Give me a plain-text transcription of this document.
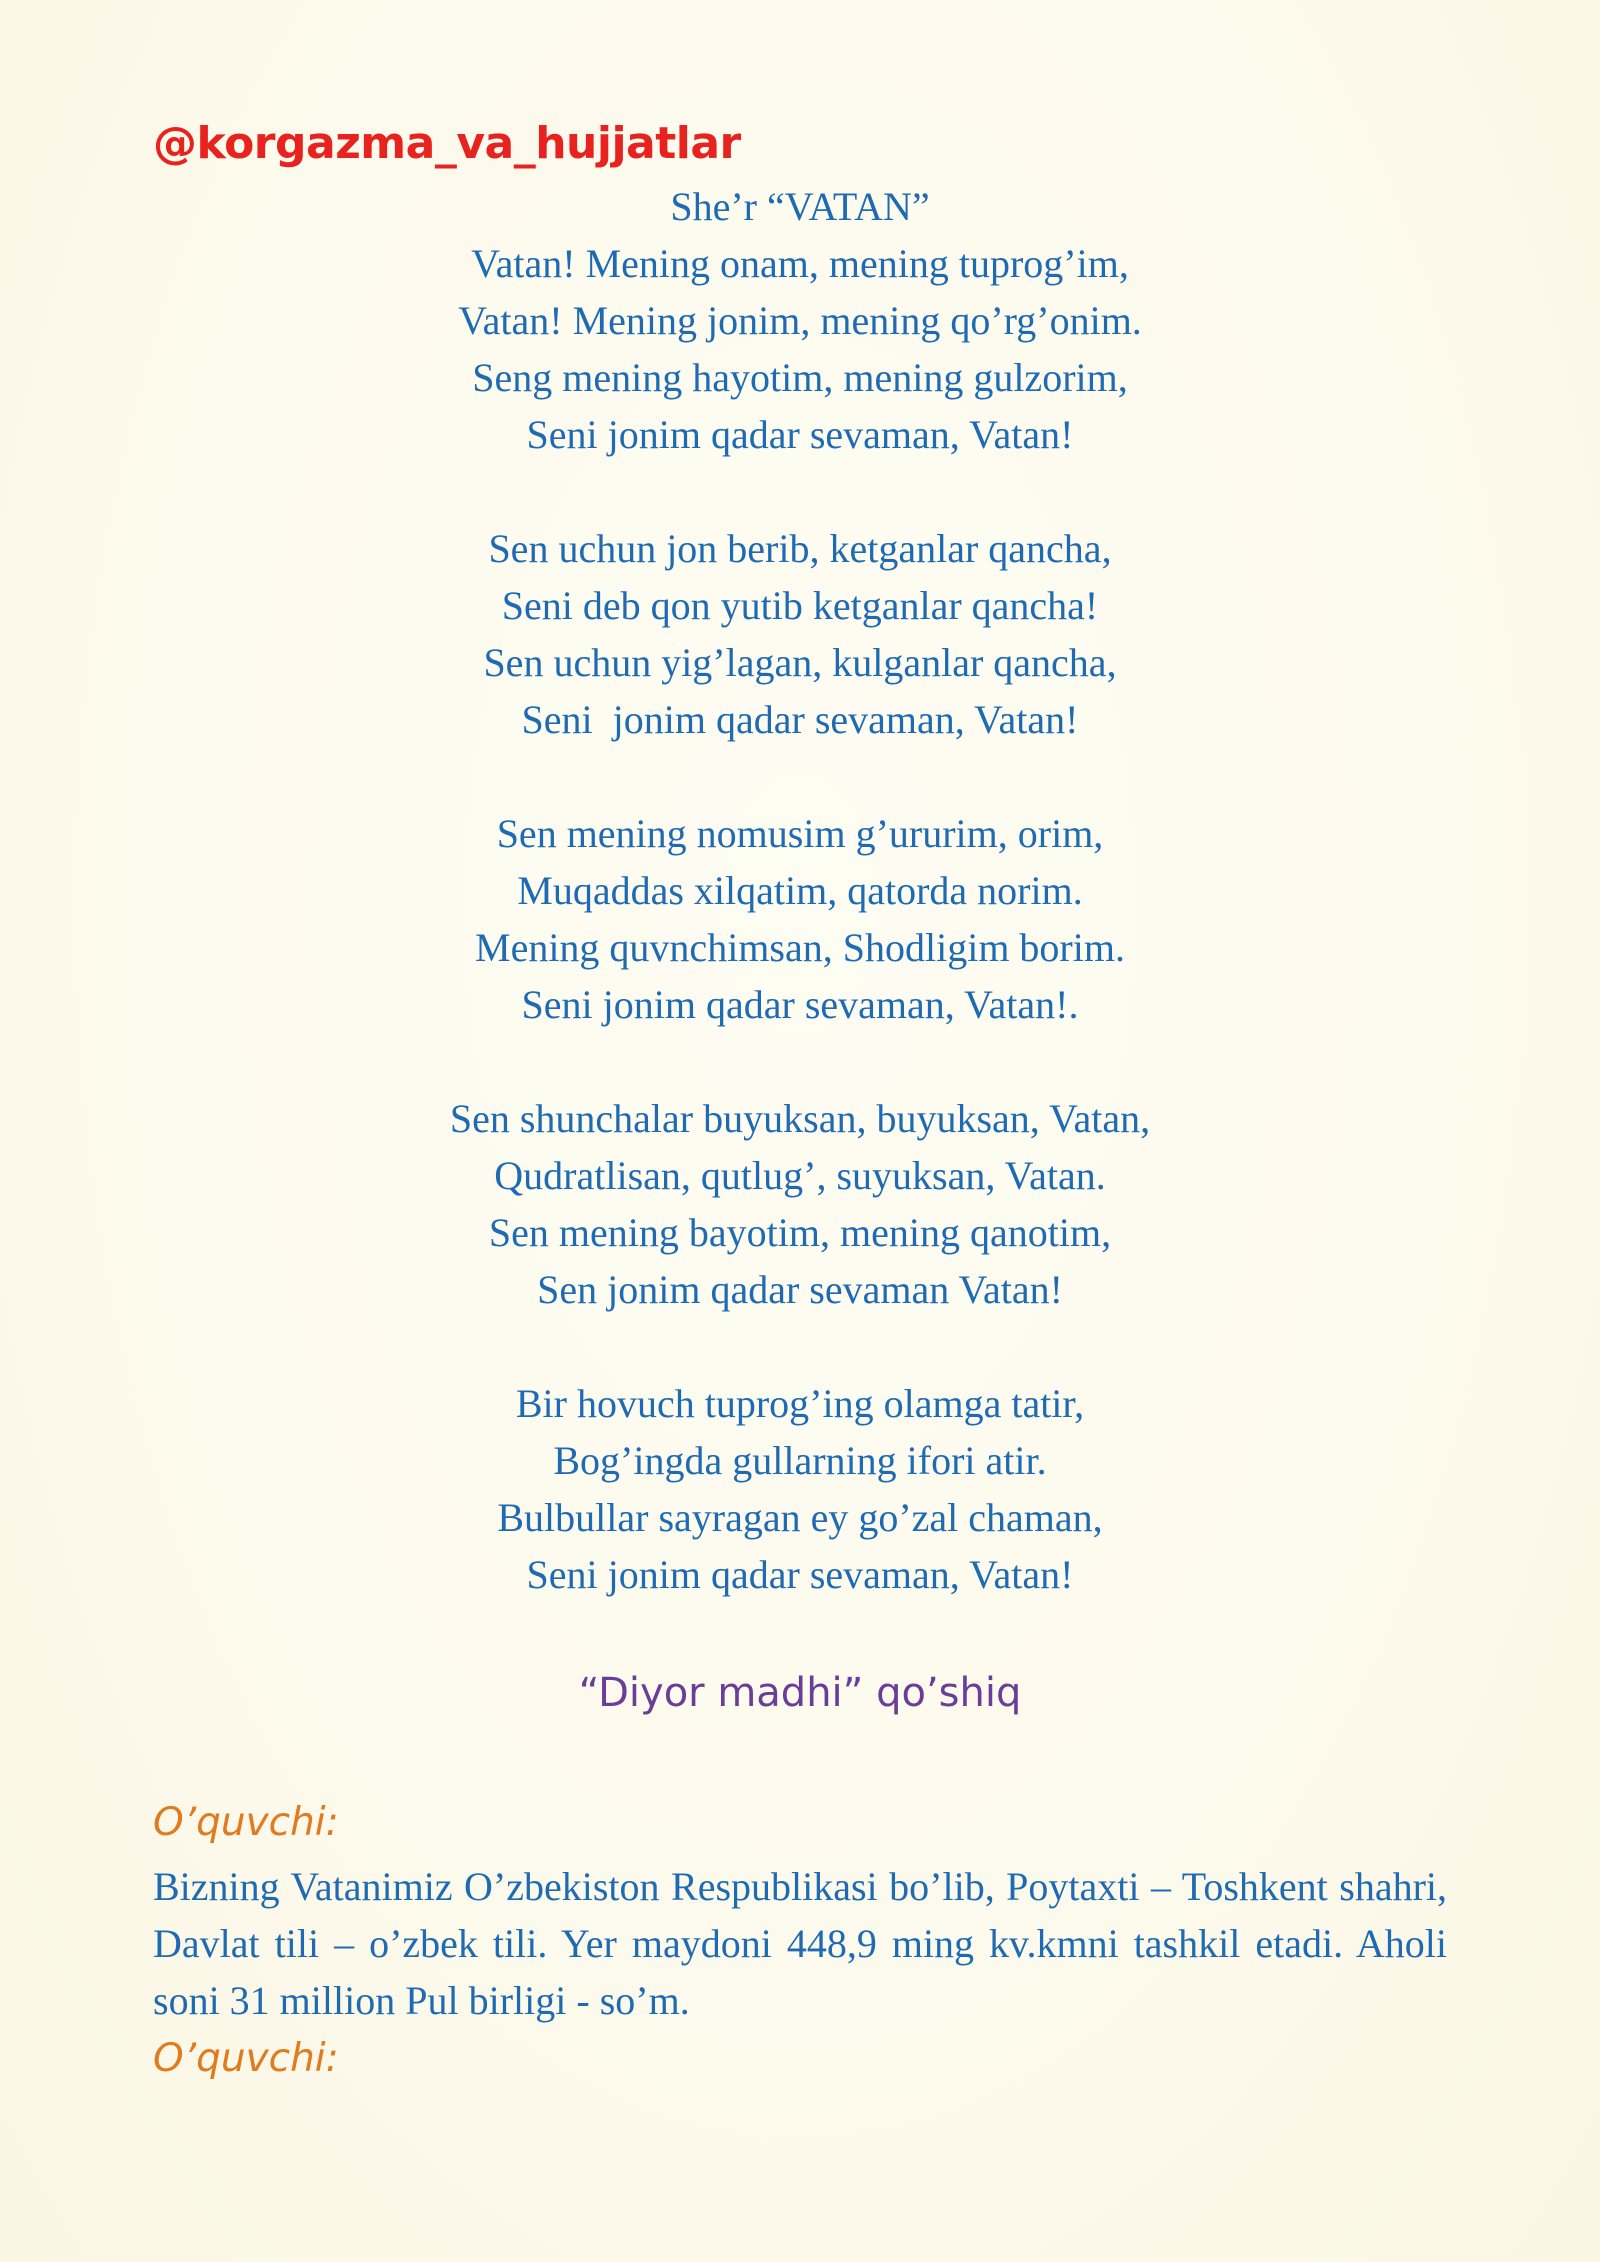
@korgazma_va_hujjatlar
She’r “VATAN”
Vatan! Mening onam, mening tuprog’im,
Vatan! Mening jonim, mening qo’rg’onim.
Seng mening hayotim, mening gulzorim,
Seni jonim qadar sevaman, Vatan!
Sen uchun jon berib, ketganlar qancha,
Seni deb qon yutib ketganlar qancha!
Sen uchun yig’lagan, kulganlar qancha,
Seni  jonim qadar sevaman, Vatan!
Sen mening nomusim g’ururim, orim,
Muqaddas xilqatim, qatorda norim.
Mening quvnchimsan, Shodligim borim.
Seni jonim qadar sevaman, Vatan!.
Sen shunchalar buyuksan, buyuksan, Vatan,
Qudratlisan, qutlug’, suyuksan, Vatan.
Sen mening bayotim, mening qanotim,
Sen jonim qadar sevaman Vatan!
Bir hovuch tuprog’ing olamga tatir,
Bog’ingda gullarning ifori atir.
Bulbullar sayragan ey go’zal chaman,
Seni jonim qadar sevaman, Vatan!
“Diyor madhi” qo’shiq
O’quvchi:
Bizning Vatanimiz O’zbekiston Respublikasi bo’lib, Poytaxti – Toshkent shahri, Davlat tili – o’zbek tili. Yer maydoni 448,9 ming kv.kmni tashkil etadi. Aholi soni 31 million Pul birligi - so’m.
O’quvchi:
